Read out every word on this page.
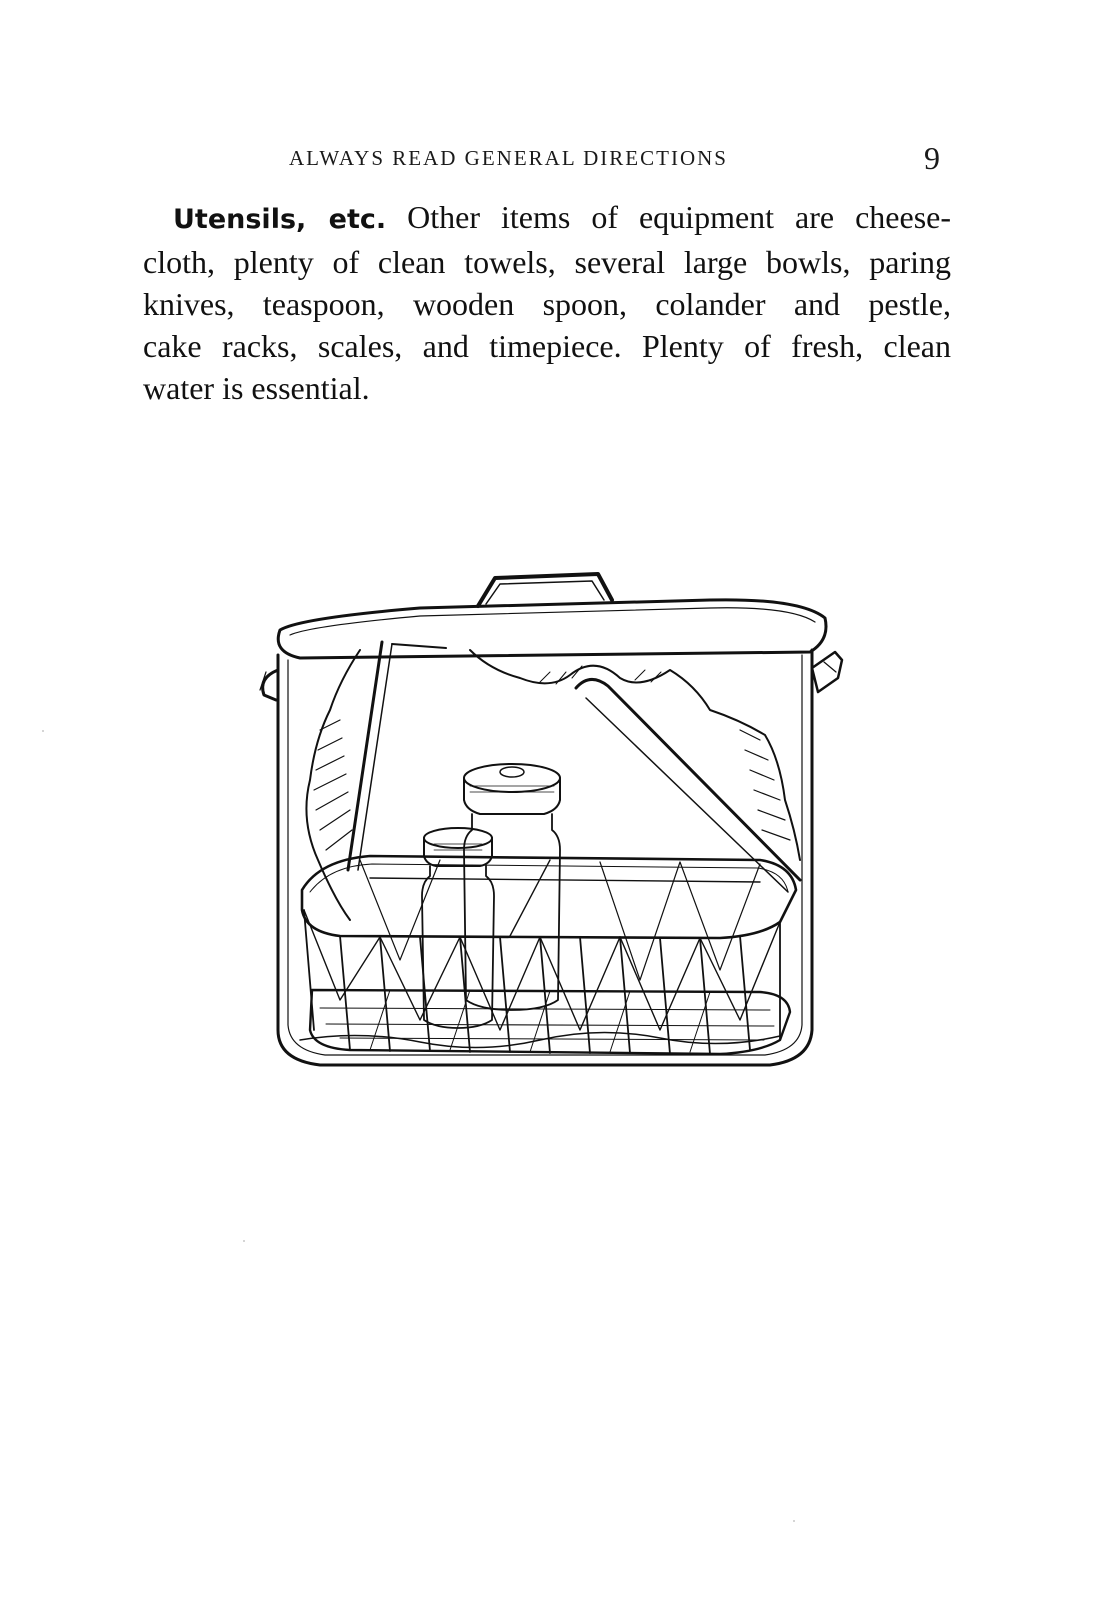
ALWAYS READ GENERAL DIRECTIONS	9
Utensils, etc. Other items of equipment are cheese-
cloth, plenty of clean towels, several large bowls, paring
knives, teaspoon, wooden spoon, colander and pestle,
cake racks, scales, and timepiece. Plenty of fresh, clean
water is essential.
